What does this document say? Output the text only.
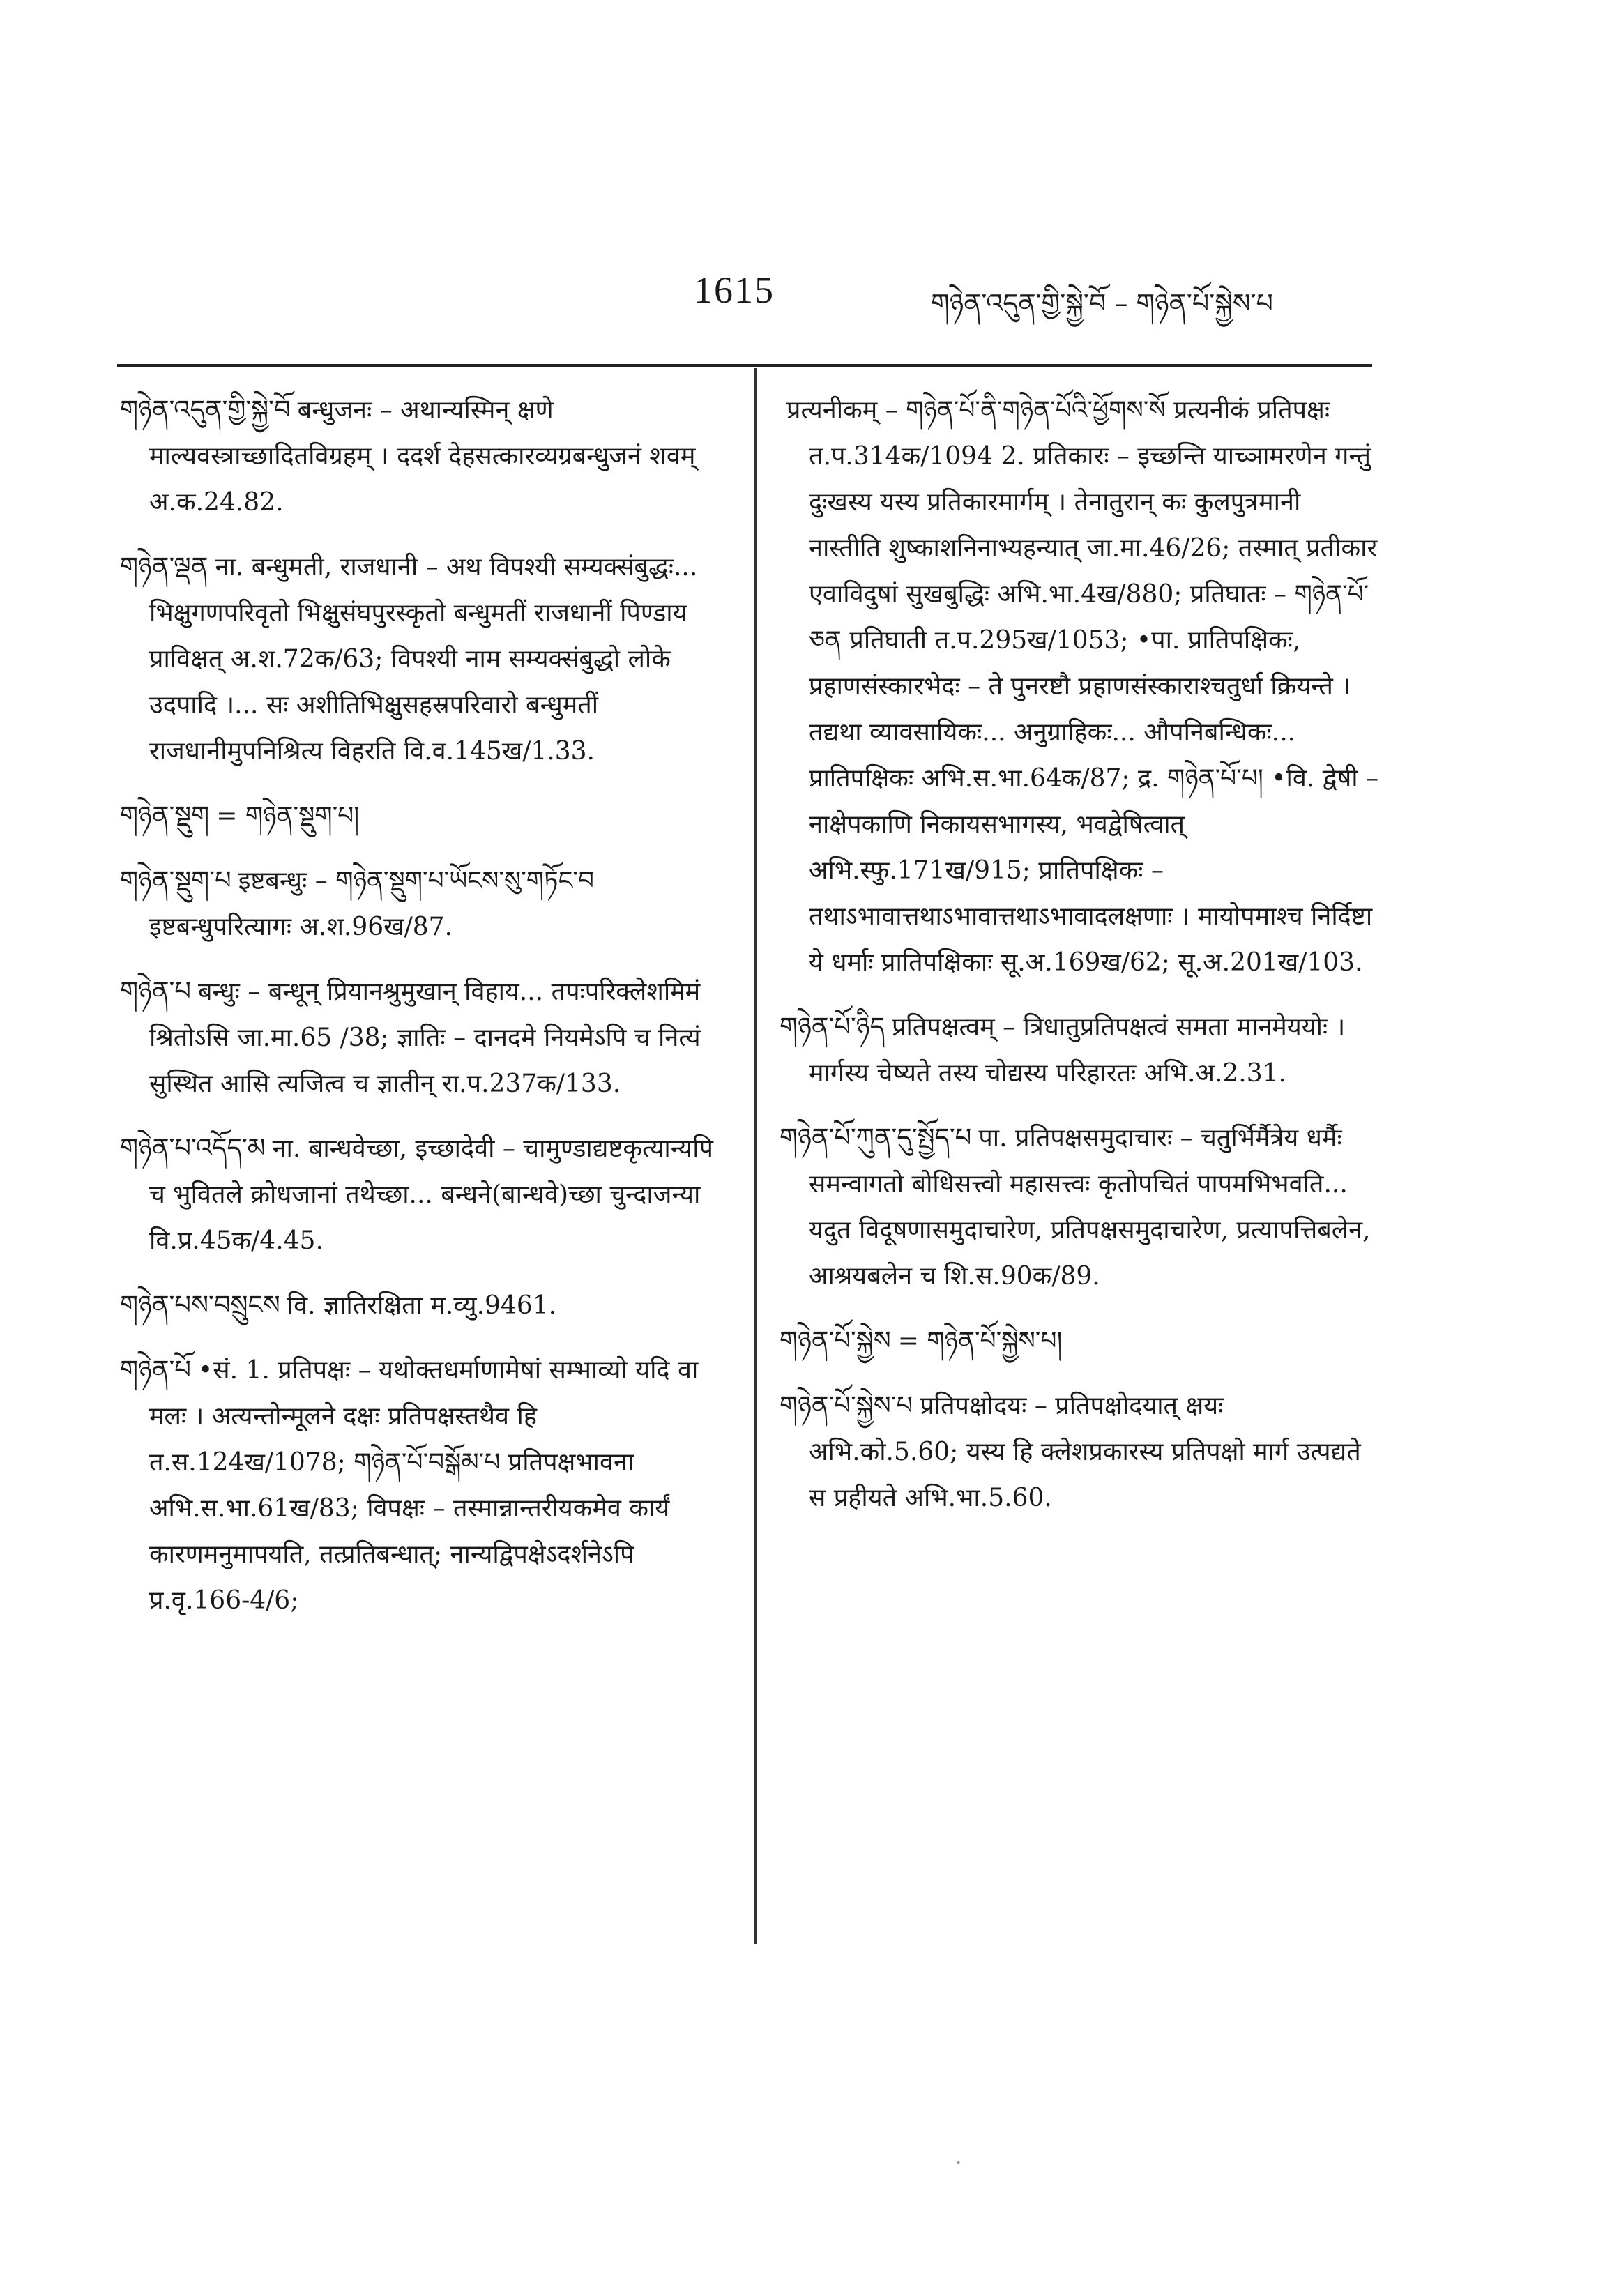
1615	གཉེན་འདུན་གྱི་སྐྱེ་བོ – གཉེན་པོ་སྐྱེས་པ

གཉེན་འདུན་གྱི་སྐྱེ་བོ बन्धुजनः – अथान्यस्मिन् क्षणे माल्यवस्त्राच्छादितविग्रहम् । ददर्श देहसत्कारव्यग्रबन्धुजनं शवम् अ.क.24.82.

གཉེན་ལྡན ना. बन्धुमती, राजधानी – अथ विपश्यी सम्यक्संबुद्धः... भिक्षुगणपरिवृतो भिक्षुसंघपुरस्कृतो बन्धुमतीं राजधानीं पिण्डाय प्राविक्षत् अ.श.72क/63; विपश्यी नाम सम्यक्संबुद्धो लोके उदपादि ।... सः अशीतिभिक्षुसहस्रपरिवारो बन्धुमतीं राजधानीमुपनिश्रित्य विहरति वि.व.145ख/1.33.

གཉེན་སྡུག = གཉེན་སྡུག་པ།

གཉེན་སྡུག་པ इष्टबन्धुः – གཉེན་སྡུག་པ་ཡོངས་སུ་གཏོང་བ इष्टबन्धुपरित्यागः अ.श.96ख/87.

གཉེན་པ बन्धुः – बन्धून् प्रियानश्रुमुखान् विहाय... तपःपरिक्लेशमिमं श्रितोऽसि जा.मा.65 /38; ज्ञातिः – दानदमे नियमेऽपि च नित्यं सुस्थित आसि त्यजित्व च ज्ञातीन् रा.प.237क/133.

གཉེན་པ་འདོད་མ ना. बान्धवेच्छा, इच्छादेवी – चामुण्डाद्यष्टकृत्यान्यपि च भुवितले क्रोधजानां तथेच्छा... बन्धने(बान्धवे)च्छा चुन्दाजन्या वि.प्र.45क/4.45.

གཉེན་པས་བསྲུངས वि. ज्ञातिरक्षिता म.व्यु.9461.

གཉེན་པོ •सं. 1. प्रतिपक्षः – यथोक्तधर्माणामेषां सम्भाव्यो यदि वा मलः । अत्यन्तोन्मूलने दक्षः प्रतिपक्षस्तथैव हि त.स.124ख/1078; གཉེན་པོ་བསྒོམ་པ प्रतिपक्षभावना अभि.स.भा.61ख/83; विपक्षः – तस्मान्नान्तरीयकमेव कार्यं कारणमनुमापयति, तत्प्रतिबन्धात्; नान्यद्विपक्षेऽदर्शनेऽपि प्र.वृ.166-4/6;

प्रत्यनीकम् – གཉེན་པོ་ནི་གཉེན་པོའི་ཕྱོགས་སོ प्रत्यनीकं प्रतिपक्षः त.प.314क/1094 2. प्रतिकारः – इच्छन्ति याच्ञामरणेन गन्तुं दुःखस्य यस्य प्रतिकारमार्गम् । तेनातुरान् कः कुलपुत्रमानी नास्तीति शुष्काशनिनाभ्यहन्यात् जा.मा.46/26; तस्मात् प्रतीकार एवाविदुषां सुखबुद्धिः अभि.भा.4ख/880; प्रतिघातः – གཉེན་པོ་ཅན प्रतिघाती त.प.295ख/1053; •पा. प्रातिपक्षिकः, प्रहाणसंस्कारभेदः – ते पुनरष्टौ प्रहाणसंस्काराश्चतुर्धा क्रियन्ते । तद्यथा व्यावसायिकः... अनुग्राहिकः... औपनिबन्धिकः... प्रातिपक्षिकः अभि.स.भा.64क/87; द्र. གཉེན་པོ་པ། •वि. द्वेषी – नाक्षेपकाणि निकायसभागस्य, भवद्वेषित्वात् अभि.स्फु.171ख/915; प्रातिपक्षिकः – तथाऽभावात्तथाऽभावात्तथाऽभावादलक्षणाः । मायोपमाश्च निर्दिष्टा ये धर्माः प्रातिपक्षिकाः सू.अ.169ख/62; सू.अ.201ख/103.

གཉེན་པོ་ཉིད प्रतिपक्षत्वम् – त्रिधातुप्रतिपक्षत्वं समता मानमेययोः । मार्गस्य चेष्यते तस्य चोद्यस्य परिहारतः अभि.अ.2.31.

གཉེན་པོ་ཀུན་དུ་སྤྱོད་པ पा. प्रतिपक्षसमुदाचारः – चतुर्भिर्मैत्रेय धर्मैः समन्वागतो बोधिसत्त्वो महासत्त्वः कृतोपचितं पापमभिभवति... यदुत विदूषणासमुदाचारेण, प्रतिपक्षसमुदाचारेण, प्रत्यापत्तिबलेन, आश्रयबलेन च शि.स.90क/89.

གཉེན་པོ་སྐྱེས = གཉེན་པོ་སྐྱེས་པ།

གཉེན་པོ་སྐྱེས་པ प्रतिपक्षोदयः – प्रतिपक्षोदयात् क्षयः अभि.को.5.60; यस्य हि क्लेशप्रकारस्य प्रतिपक्षो मार्ग उत्पद्यते स प्रहीयते अभि.भा.5.60.

·
